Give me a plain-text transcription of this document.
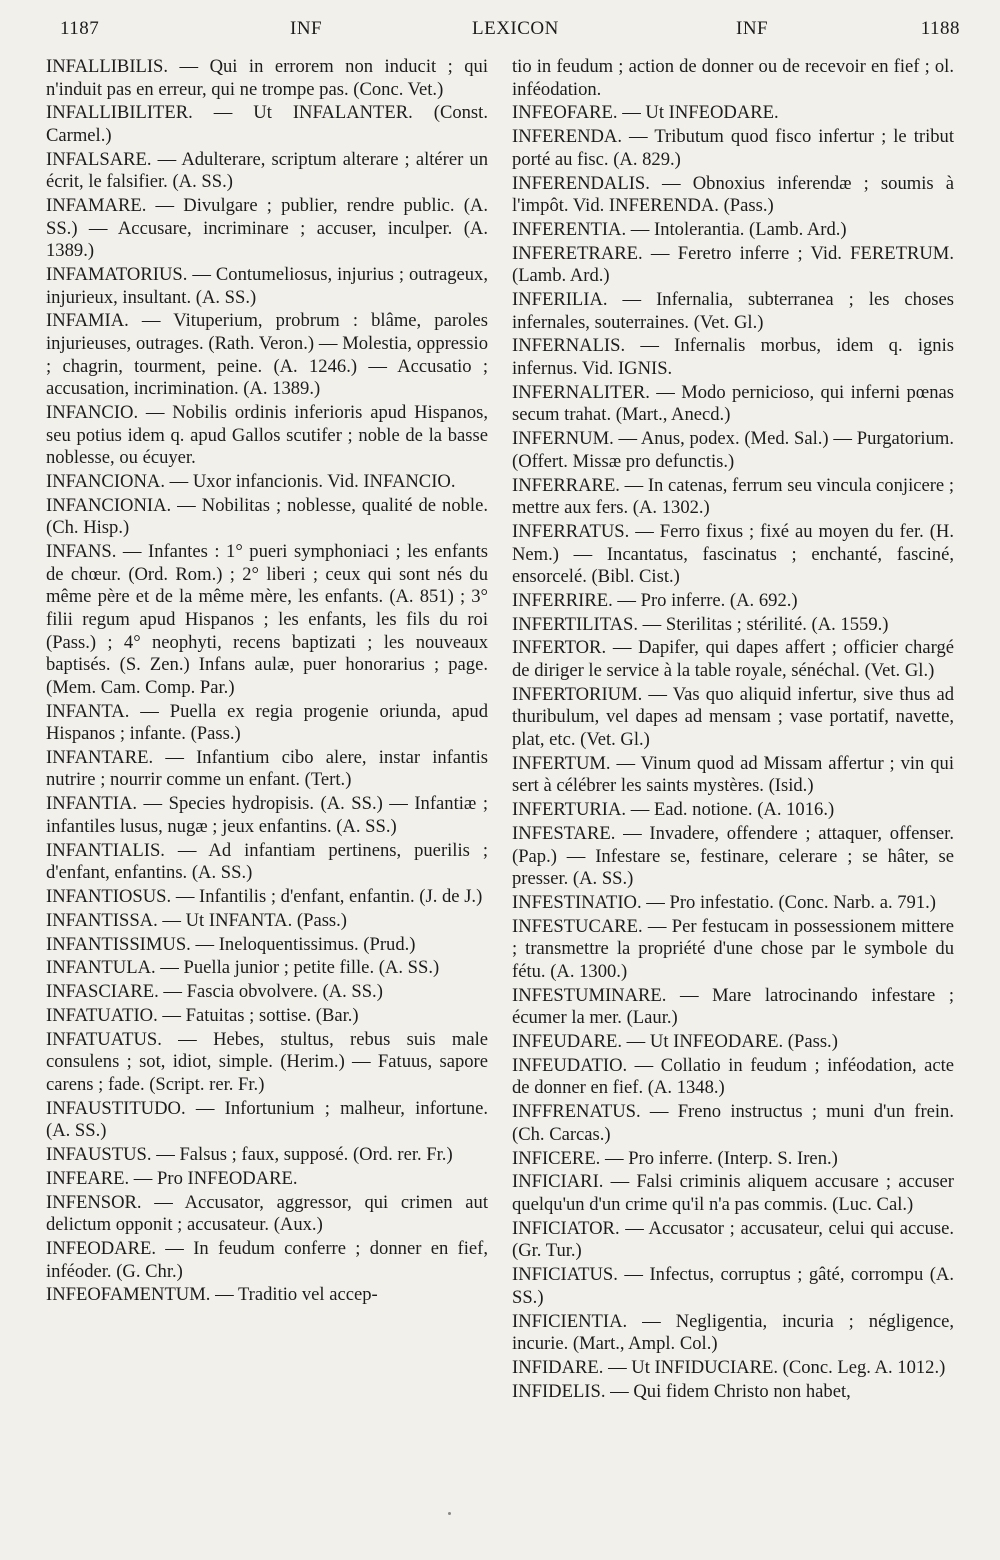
1187	INF	LEXICON	INF	1188

INFALLIBILIS. — Qui in errorem non inducit ; qui n'induit pas en erreur, qui ne trompe pas. (Conc. Vet.)

INFALLIBILITER. — Ut INFALANTER. (Const. Carmel.)

INFALSARE. — Adulterare, scriptum alterare ; altérer un écrit, le falsifier. (A. SS.)

INFAMARE. — Divulgare ; publier, rendre public. (A. SS.) — Accusare, incriminare ; accuser, inculper. (A. 1389.)

INFAMATORIUS. — Contumeliosus, injurius ; outrageux, injurieux, insultant. (A. SS.)

INFAMIA. — Vituperium, probrum : blâme, paroles injurieuses, outrages. (Rath. Veron.) — Molestia, oppressio ; chagrin, tourment, peine. (A. 1246.) — Accusatio ; accusation, incrimination. (A. 1389.)

INFANCIO. — Nobilis ordinis inferioris apud Hispanos, seu potius idem q. apud Gallos scutifer ; noble de la basse noblesse, ou écuyer.

INFANCIONA. — Uxor infancionis. Vid. INFANCIO.

INFANCIONIA. — Nobilitas ; noblesse, qualité de noble. (Ch. Hisp.)

INFANS. — Infantes : 1° pueri symphoniaci ; les enfants de chœur. (Ord. Rom.) ; 2° liberi ; ceux qui sont nés du même père et de la même mère, les enfants. (A. 851) ; 3° filii regum apud Hispanos ; les enfants, les fils du roi (Pass.) ; 4° neophyti, recens baptizati ; les nouveaux baptisés. (S. Zen.) Infans aulæ, puer honorarius ; page. (Mem. Cam. Comp. Par.)

INFANTA. — Puella ex regia progenie oriunda, apud Hispanos ; infante. (Pass.)

INFANTARE. — Infantium cibo alere, instar infantis nutrire ; nourrir comme un enfant. (Tert.)

INFANTIA. — Species hydropisis. (A. SS.) — Infantiæ ; infantiles lusus, nugæ ; jeux enfantins. (A. SS.)

INFANTIALIS. — Ad infantiam pertinens, puerilis ; d'enfant, enfantins. (A. SS.)

INFANTIOSUS. — Infantilis ; d'enfant, enfantin. (J. de J.)

INFANTISSA. — Ut INFANTA. (Pass.)

INFANTISSIMUS. — Ineloquentissimus. (Prud.)

INFANTULA. — Puella junior ; petite fille. (A. SS.)

INFASCIARE. — Fascia obvolvere. (A. SS.)

INFATUATIO. — Fatuitas ; sottise. (Bar.)

INFATUATUS. — Hebes, stultus, rebus suis male consulens ; sot, idiot, simple. (Herim.) — Fatuus, sapore carens ; fade. (Script. rer. Fr.)

INFAUSTITUDO. — Infortunium ; malheur, infortune. (A. SS.)

INFAUSTUS. — Falsus ; faux, supposé. (Ord. rer. Fr.)

INFEARE. — Pro INFEODARE.

INFENSOR. — Accusator, aggressor, qui crimen aut delictum opponit ; accusateur. (Aux.)

INFEODARE. — In feudum conferre ; donner en fief, inféoder. (G. Chr.)

INFEOFAMENTUM. — Traditio vel accep-

tio in feudum ; action de donner ou de recevoir en fief ; ol. inféodation.

INFEOFARE. — Ut INFEODARE.

INFERENDA. — Tributum quod fisco infertur ; le tribut porté au fisc. (A. 829.)

INFERENDALIS. — Obnoxius inferendæ ; soumis à l'impôt. Vid. INFERENDA. (Pass.)

INFERENTIA. — Intolerantia. (Lamb. Ard.)

INFERETRARE. — Feretro inferre ; Vid. FERETRUM. (Lamb. Ard.)

INFERILIA. — Infernalia, subterranea ; les choses infernales, souterraines. (Vet. Gl.)

INFERNALIS. — Infernalis morbus, idem q. ignis infernus. Vid. IGNIS.

INFERNALITER. — Modo pernicioso, qui inferni pœnas secum trahat. (Mart., Anecd.)

INFERNUM. — Anus, podex. (Med. Sal.) — Purgatorium. (Offert. Missæ pro defunctis.)

INFERRARE. — In catenas, ferrum seu vincula conjicere ; mettre aux fers. (A. 1302.)

INFERRATUS. — Ferro fixus ; fixé au moyen du fer. (H. Nem.) — Incantatus, fascinatus ; enchanté, fasciné, ensorcelé. (Bibl. Cist.)

INFERRIRE. — Pro inferre. (A. 692.)

INFERTILITAS. — Sterilitas ; stérilité. (A. 1559.)

INFERTOR. — Dapifer, qui dapes affert ; officier chargé de diriger le service à la table royale, sénéchal. (Vet. Gl.)

INFERTORIUM. — Vas quo aliquid infertur, sive thus ad thuribulum, vel dapes ad mensam ; vase portatif, navette, plat, etc. (Vet. Gl.)

INFERTUM. — Vinum quod ad Missam affertur ; vin qui sert à célébrer les saints mystères. (Isid.)

INFERTURIA. — Ead. notione. (A. 1016.)

INFESTARE. — Invadere, offendere ; attaquer, offenser. (Pap.) — Infestare se, festinare, celerare ; se hâter, se presser. (A. SS.)

INFESTINATIO. — Pro infestatio. (Conc. Narb. a. 791.)

INFESTUCARE. — Per festucam in possessionem mittere ; transmettre la propriété d'une chose par le symbole du fétu. (A. 1300.)

INFESTUMINARE. — Mare latrocinando infestare ; écumer la mer. (Laur.)

INFEUDARE. — Ut INFEODARE. (Pass.)

INFEUDATIO. — Collatio in feudum ; inféodation, acte de donner en fief. (A. 1348.)

INFFRENATUS. — Freno instructus ; muni d'un frein. (Ch. Carcas.)

INFICERE. — Pro inferre. (Interp. S. Iren.)

INFICIARI. — Falsi criminis aliquem accusare ; accuser quelqu'un d'un crime qu'il n'a pas commis. (Luc. Cal.)

INFICIATOR. — Accusator ; accusateur, celui qui accuse. (Gr. Tur.)

INFICIATUS. — Infectus, corruptus ; gâté, corrompu (A. SS.)

INFICIENTIA. — Negligentia, incuria ; négligence, incurie. (Mart., Ampl. Col.)

INFIDARE. — Ut INFIDUCIARE. (Conc. Leg. A. 1012.)

INFIDELIS. — Qui fidem Christo non habet,
